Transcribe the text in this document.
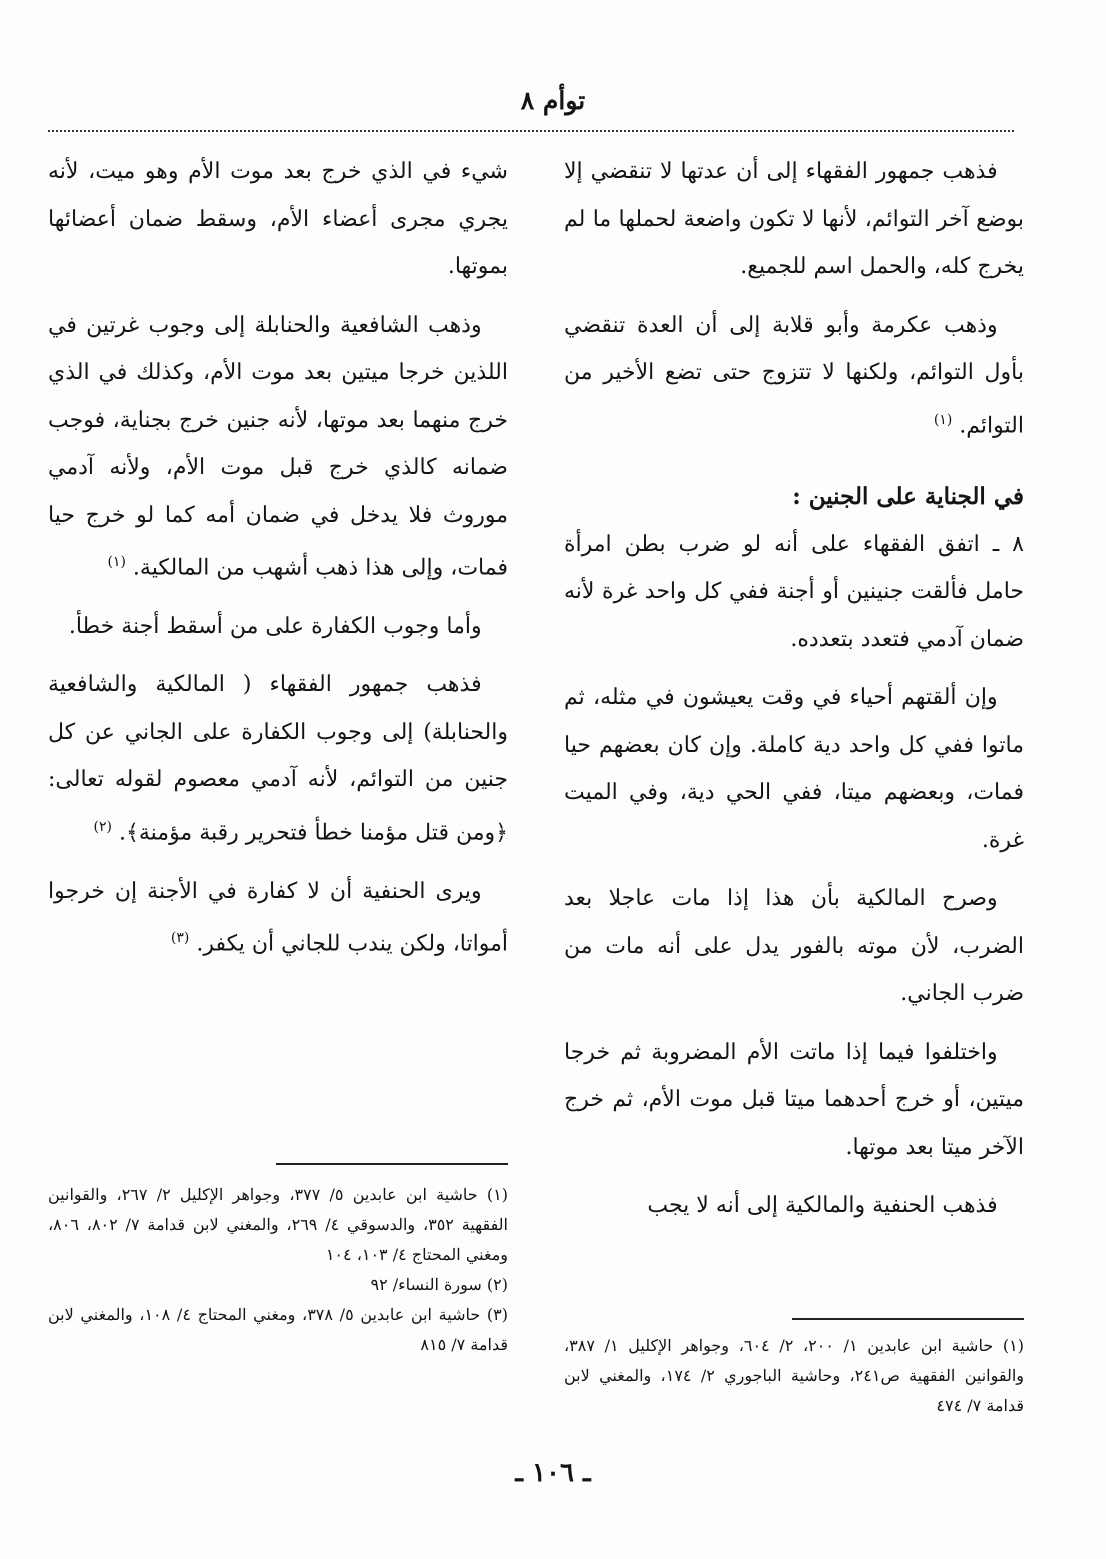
توأم ٨

فذهب جمهور الفقهاء إلى أن عدتها لا تنقضي إلا بوضع آخر التوائم، لأنها لا تكون واضعة لحملها ما لم يخرج كله، والحمل اسم للجميع.

وذهب عكرمة وأبو قلابة إلى أن العدة تنقضي بأول التوائم، ولكنها لا تتزوج حتى تضع الأخير من التوائم. $^{(١)}$

في الجناية على الجنين :

٨ ـ اتفق الفقهاء على أنه لو ضرب بطن امرأة حامل فألقت جنينين أو أجنة ففي كل واحد غرة لأنه ضمان آدمي فتعدد بتعدده.

وإن ألقتهم أحياء في وقت يعيشون في مثله، ثم ماتوا ففي كل واحد دية كاملة. وإن كان بعضهم حيا فمات، وبعضهم ميتا، ففي الحي دية، وفي الميت غرة.

وصرح المالكية بأن هذا إذا مات عاجلا بعد الضرب، لأن موته بالفور يدل على أنه مات من ضرب الجاني.

واختلفوا فيما إذا ماتت الأم المضروبة ثم خرجا ميتين، أو خرج أحدهما ميتا قبل موت الأم، ثم خرج الآخر ميتا بعد موتها.

فذهب الحنفية والمالكية إلى أنه لا يجب

شيء في الذي خرج بعد موت الأم وهو ميت، لأنه يجري مجرى أعضاء الأم، وسقط ضمان أعضائها بموتها.

وذهب الشافعية والحنابلة إلى وجوب غرتين في اللذين خرجا ميتين بعد موت الأم، وكذلك في الذي خرج منهما بعد موتها، لأنه جنين خرج بجناية، فوجب ضمانه كالذي خرج قبل موت الأم، ولأنه آدمي موروث فلا يدخل في ضمان أمه كما لو خرج حيا فمات، وإلى هذا ذهب أشهب من المالكية. $^{(١)}$

وأما وجوب الكفارة على من أسقط أجنة خطأ.

فذهب جمهور الفقهاء ( المالكية والشافعية والحنابلة) إلى وجوب الكفارة على الجاني عن كل جنين من التوائم، لأنه آدمي معصوم لقوله تعالى: ﴿ومن قتل مؤمنا خطأ فتحرير رقبة مؤمنة﴾. $^{(٢)}$

ويرى الحنفية أن لا كفارة في الأجنة إن خرجوا أمواتا، ولكن يندب للجاني أن يكفر. $^{(٣)}$

(١) حاشية ابن عابدين ١/ ٢٠٠، ٢/ ٦٠٤، وجواهر الإكليل ١/ ٣٨٧، والقوانين الفقهية ص٢٤١، وحاشية الباجوري ٢/ ١٧٤، والمغني لابن قدامة ٧/ ٤٧٤

(١) حاشية ابن عابدين ٥/ ٣٧٧، وجواهر الإكليل ٢/ ٢٦٧، والقوانين الفقهية ٣٥٢، والدسوقي ٤/ ٢٦٩، والمغني لابن قدامة ٧/ ٨٠٢، ٨٠٦، ومغني المحتاج ٤/ ١٠٣، ١٠٤

(٢) سورة النساء/ ٩٢

(٣) حاشية ابن عابدين ٥/ ٣٧٨، ومغني المحتاج ٤/ ١٠٨، والمغني لابن قدامة ٧/ ٨١٥

ـ ١٠٦ ـ
